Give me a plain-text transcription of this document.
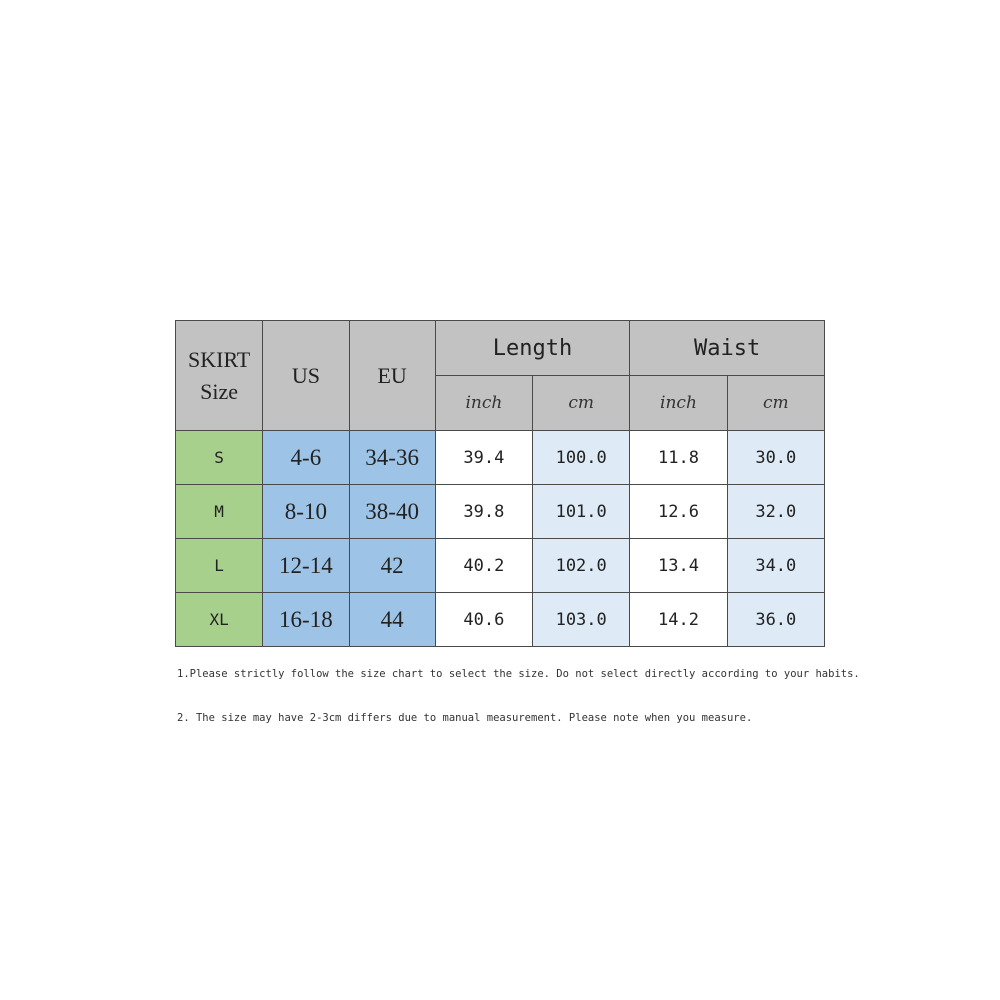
SKIRT
Size	US	EU	Length		Waist	
			inch	cm	inch	cm
S	4-6	34-36	39.4	100.0	11.8	30.0
M	8-10	38-40	39.8	101.0	12.6	32.0
L	12-14	42	40.2	102.0	13.4	34.0
XL	16-18	44	40.6	103.0	14.2	36.0
1.Please strictly follow the size chart to select the size. Do not select directly according to your habits.
2. The size may have 2-3cm differs due to manual measurement. Please note when you measure.
